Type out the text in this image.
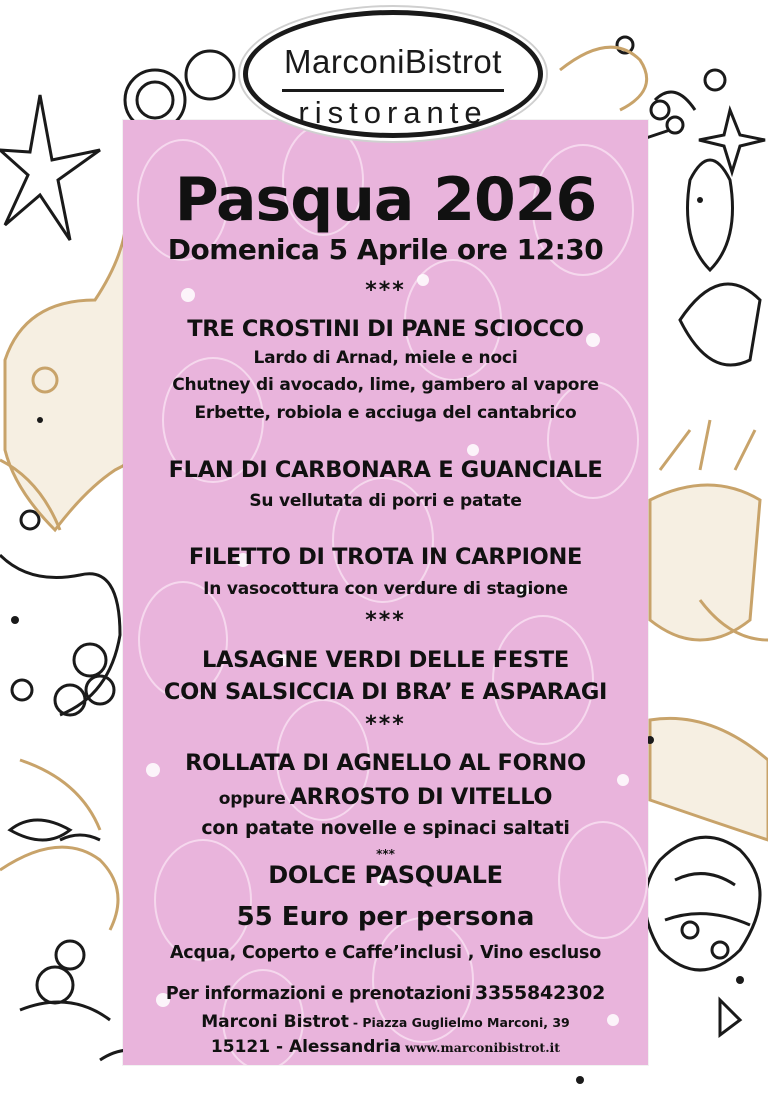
MarconiBistrot
ristorante
Pasqua 2026
Domenica 5 Aprile ore 12:30
***
TRE CROSTINI DI PANE SCIOCCO
Lardo di Arnad, miele e noci
Chutney di avocado, lime, gambero al vapore
Erbette, robiola e acciuga del cantabrico
FLAN DI CARBONARA E GUANCIALE
Su vellutata di porri e patate
FILETTO DI TROTA IN CARPIONE
In vasocottura con verdure di stagione
***
LASAGNE VERDI DELLE FESTE
CON SALSICCIA DI BRA’ E ASPARAGI
***
ROLLATA DI AGNELLO AL FORNO
oppure ARROSTO DI VITELLO
con patate novelle e spinaci saltati
***
DOLCE PASQUALE
55 Euro per persona
Acqua, Coperto e Caffe’inclusi , Vino escluso
Per informazioni e prenotazioni 3355842302
Marconi Bistrot - Piazza Guglielmo Marconi, 39
15121 - Alessandria www.marconibistrot.it
